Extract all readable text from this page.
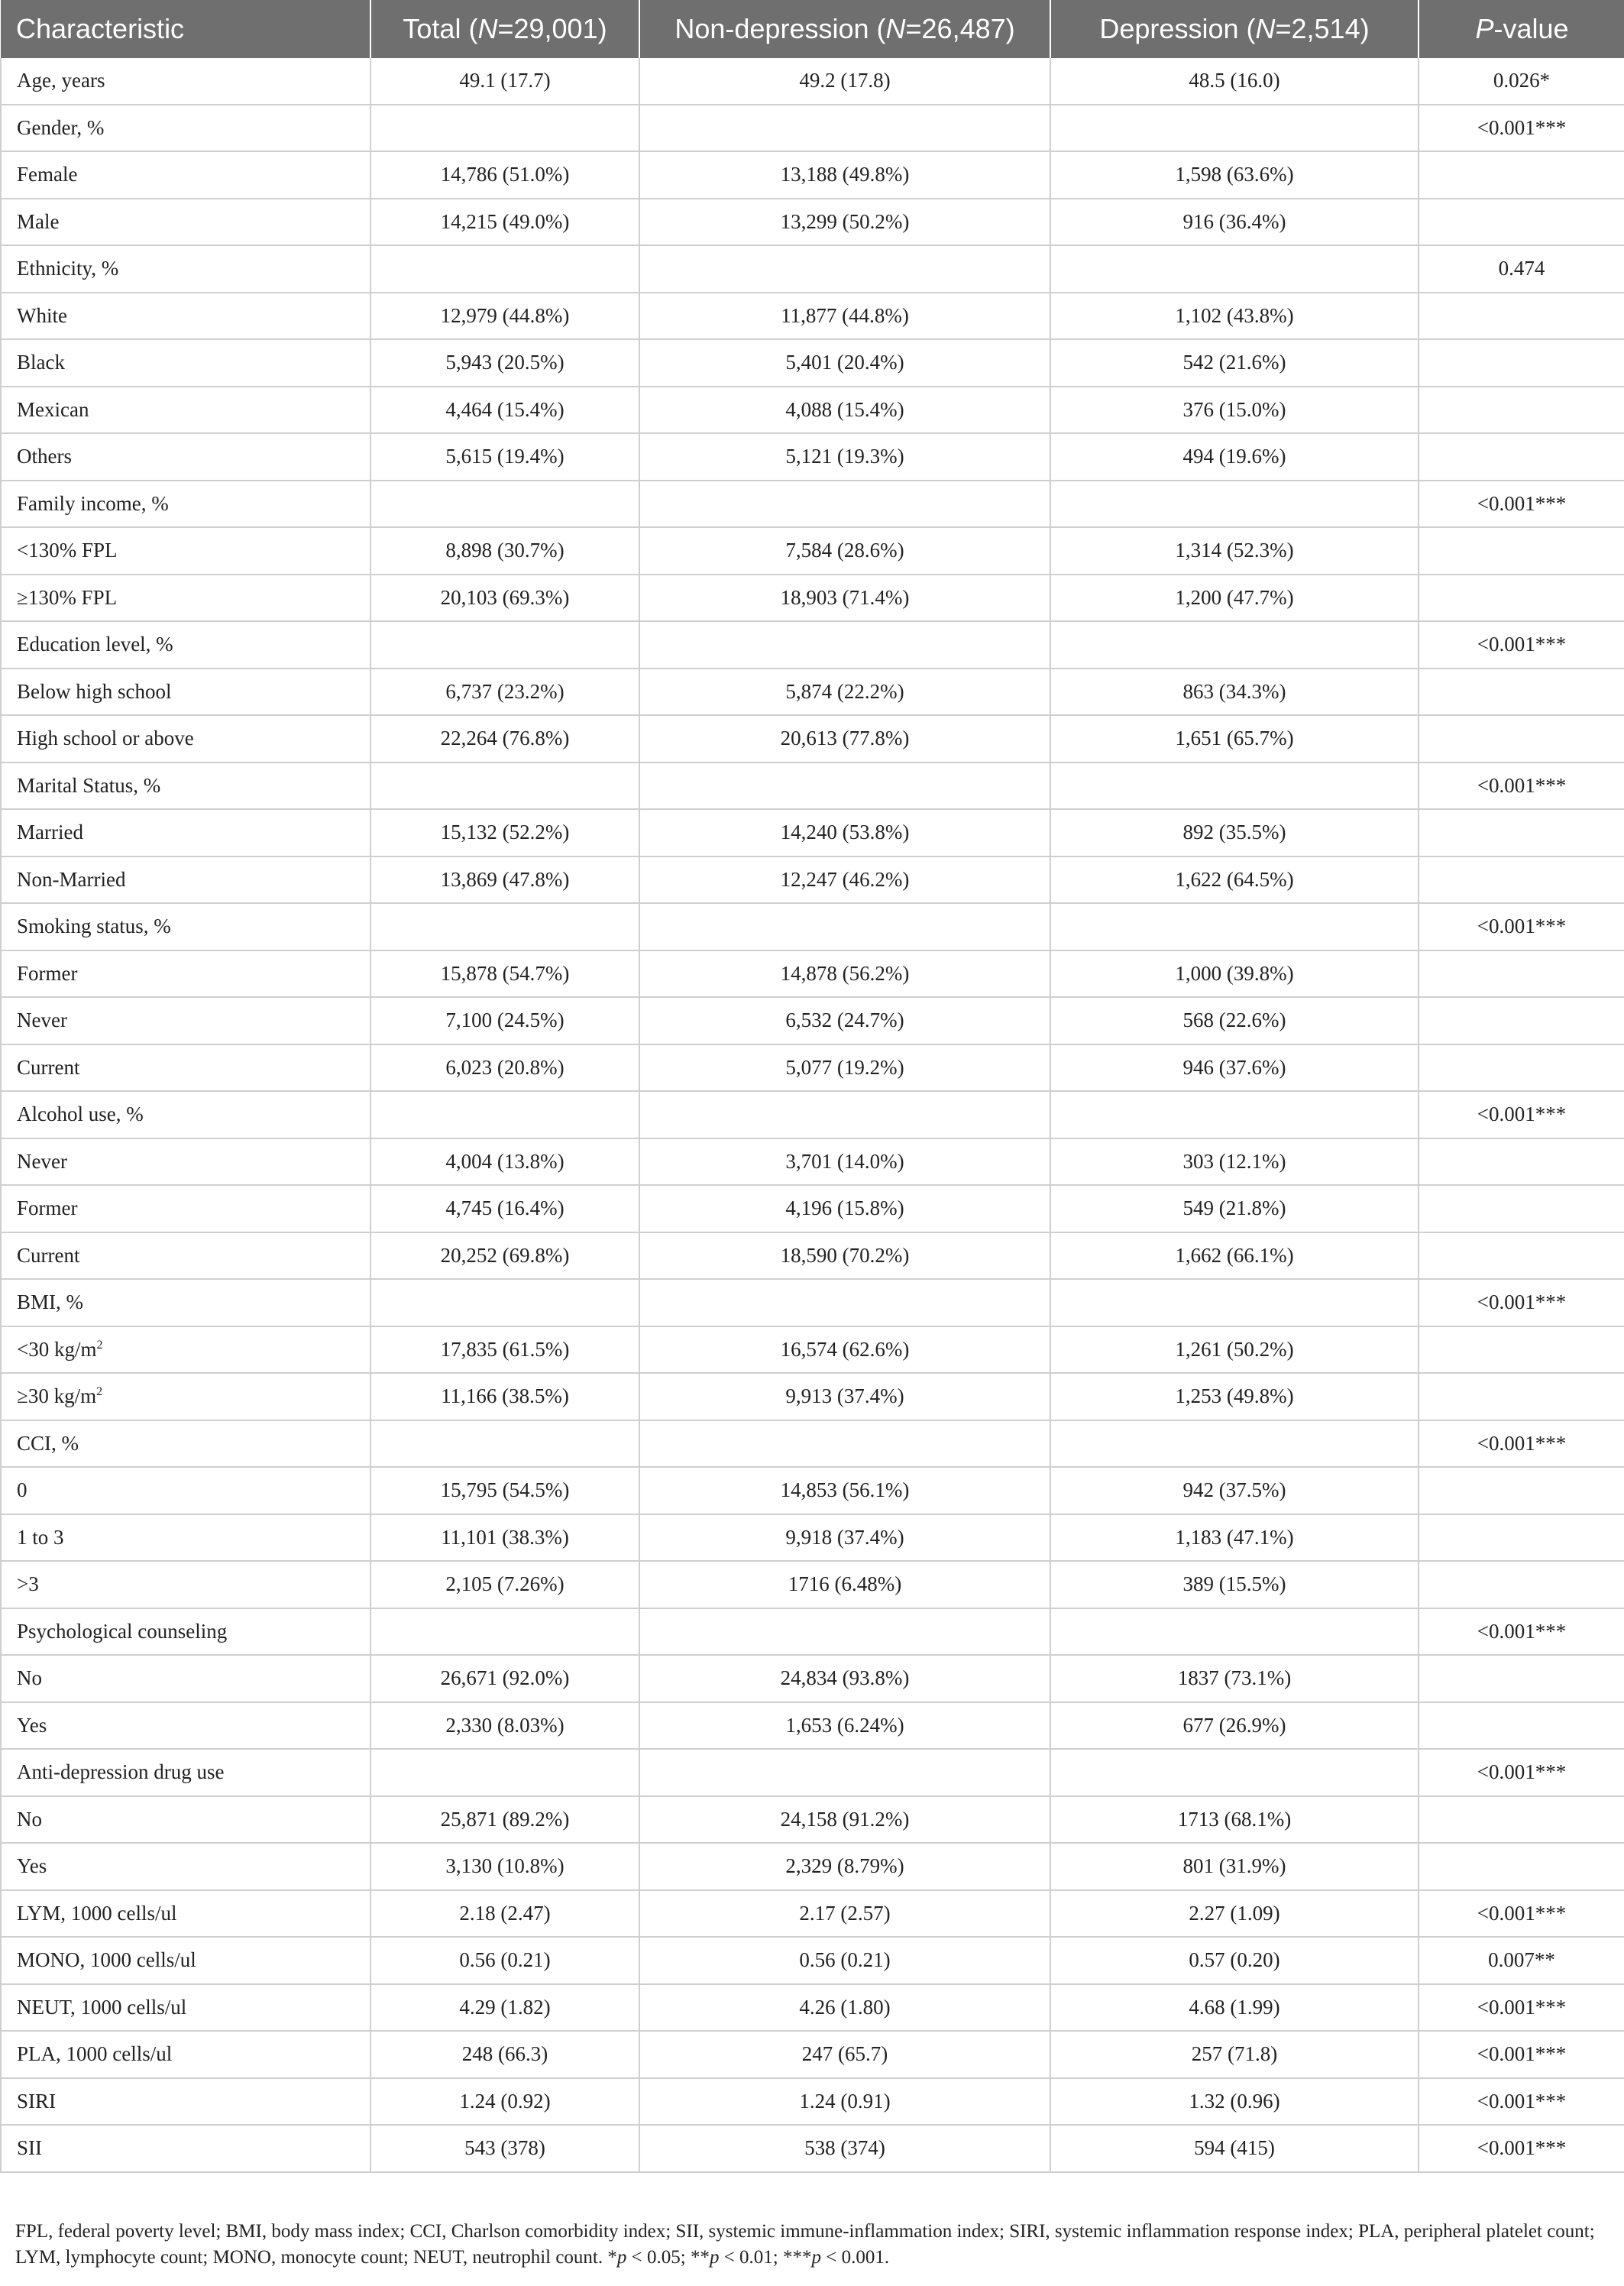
Characteristic	Total (N=29,001)	Non-depression (N=26,487)	Depression (N=2,514)	P-value
Age, years	49.1 (17.7)	49.2 (17.8)	48.5 (16.0)	0.026*
Gender, %				<0.001***
Female	14,786 (51.0%)	13,188 (49.8%)	1,598 (63.6%)	
Male	14,215 (49.0%)	13,299 (50.2%)	916 (36.4%)	
Ethnicity, %				0.474
White	12,979 (44.8%)	11,877 (44.8%)	1,102 (43.8%)	
Black	5,943 (20.5%)	5,401 (20.4%)	542 (21.6%)	
Mexican	4,464 (15.4%)	4,088 (15.4%)	376 (15.0%)	
Others	5,615 (19.4%)	5,121 (19.3%)	494 (19.6%)	
Family income, %				<0.001***
<130% FPL	8,898 (30.7%)	7,584 (28.6%)	1,314 (52.3%)	
≥130% FPL	20,103 (69.3%)	18,903 (71.4%)	1,200 (47.7%)	
Education level, %				<0.001***
Below high school	6,737 (23.2%)	5,874 (22.2%)	863 (34.3%)	
High school or above	22,264 (76.8%)	20,613 (77.8%)	1,651 (65.7%)	
Marital Status, %				<0.001***
Married	15,132 (52.2%)	14,240 (53.8%)	892 (35.5%)	
Non-Married	13,869 (47.8%)	12,247 (46.2%)	1,622 (64.5%)	
Smoking status, %				<0.001***
Former	15,878 (54.7%)	14,878 (56.2%)	1,000 (39.8%)	
Never	7,100 (24.5%)	6,532 (24.7%)	568 (22.6%)	
Current	6,023 (20.8%)	5,077 (19.2%)	946 (37.6%)	
Alcohol use, %				<0.001***
Never	4,004 (13.8%)	3,701 (14.0%)	303 (12.1%)	
Former	4,745 (16.4%)	4,196 (15.8%)	549 (21.8%)	
Current	20,252 (69.8%)	18,590 (70.2%)	1,662 (66.1%)	
BMI, %				<0.001***
<30 $kg/m^2$	17,835 (61.5%)	16,574 (62.6%)	1,261 (50.2%)	
≥30 $kg/m^2$	11,166 (38.5%)	9,913 (37.4%)	1,253 (49.8%)	
CCI, %				<0.001***
0	15,795 (54.5%)	14,853 (56.1%)	942 (37.5%)	
1 to 3	11,101 (38.3%)	9,918 (37.4%)	1,183 (47.1%)	
>3	2,105 (7.26%)	1716 (6.48%)	389 (15.5%)	
Psychological counseling				<0.001***
No	26,671 (92.0%)	24,834 (93.8%)	1837 (73.1%)	
Yes	2,330 (8.03%)	1,653 (6.24%)	677 (26.9%)	
Anti-depression drug use				<0.001***
No	25,871 (89.2%)	24,158 (91.2%)	1713 (68.1%)	
Yes	3,130 (10.8%)	2,329 (8.79%)	801 (31.9%)	
LYM, 1000 cells/ul	2.18 (2.47)	2.17 (2.57)	2.27 (1.09)	<0.001***
MONO, 1000 cells/ul	0.56 (0.21)	0.56 (0.21)	0.57 (0.20)	0.007**
NEUT, 1000 cells/ul	4.29 (1.82)	4.26 (1.80)	4.68 (1.99)	<0.001***
PLA, 1000 cells/ul	248 (66.3)	247 (65.7)	257 (71.8)	<0.001***
SIRI	1.24 (0.92)	1.24 (0.91)	1.32 (0.96)	<0.001***
SII	543 (378)	538 (374)	594 (415)	<0.001***
FPL, federal poverty level; BMI, body mass index; CCI, Charlson comorbidity index; SII, systemic immune-inflammation index; SIRI, systemic inflammation response index; PLA, peripheral platelet count; LYM, lymphocyte count; MONO, monocyte count; NEUT, neutrophil count. *p < 0.05; **p < 0.01; ***p < 0.001.
